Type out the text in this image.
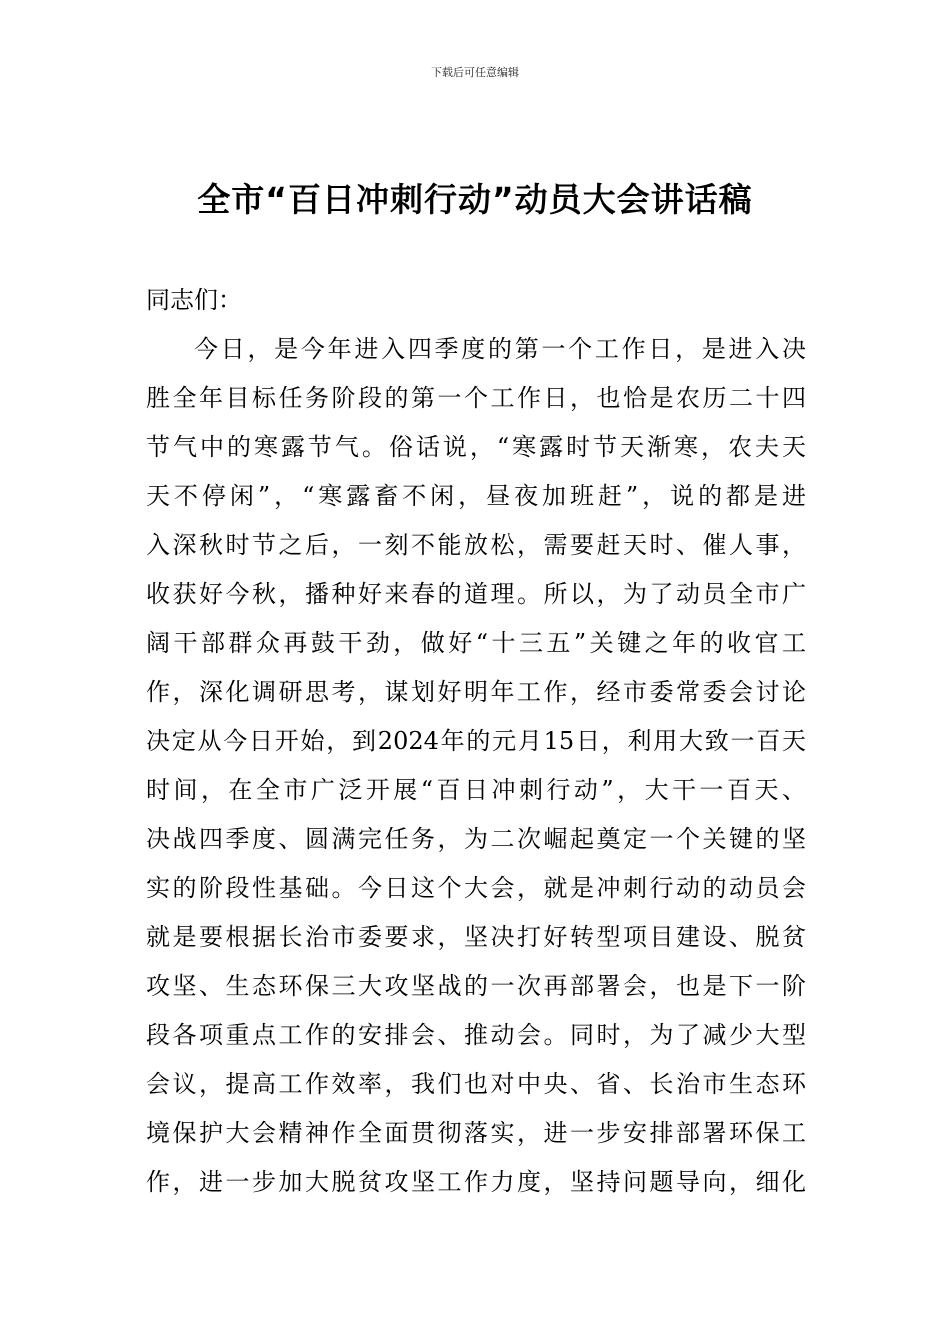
下载后可任意编辑
全市“百日冲刺行动”动员大会讲话稿
同志们：
今日，是今年进入四季度的第一个工作日，是进入决
胜全年目标任务阶段的第一个工作日，也恰是农历二十四
节气中的寒露节气。俗话说，“寒露时节天渐寒，农夫天
天不停闲”，“寒露畜不闲，昼夜加班赶”，说的都是进
入深秋时节之后，一刻不能放松，需要赶天时、催人事，
收获好今秋，播种好来春的道理。所以，为了动员全市广
阔干部群众再鼓干劲，做好“十三五”关键之年的收官工
作，深化调研思考，谋划好明年工作，经市委常委会讨论
决定从今日开始，到2024年的元月15日，利用大致一百天
时间，在全市广泛开展“百日冲刺行动”，大干一百天、
决战四季度、圆满完任务，为二次崛起奠定一个关键的坚
实的阶段性基础。今日这个大会，就是冲刺行动的动员会
就是要根据长治市委要求，坚决打好转型项目建设、脱贫
攻坚、生态环保三大攻坚战的一次再部署会，也是下一阶
段各项重点工作的安排会、推动会。同时，为了减少大型
会议，提高工作效率，我们也对中央、省、长治市生态环
境保护大会精神作全面贯彻落实，进一步安排部署环保工
作，进一步加大脱贫攻坚工作力度，坚持问题导向，细化
